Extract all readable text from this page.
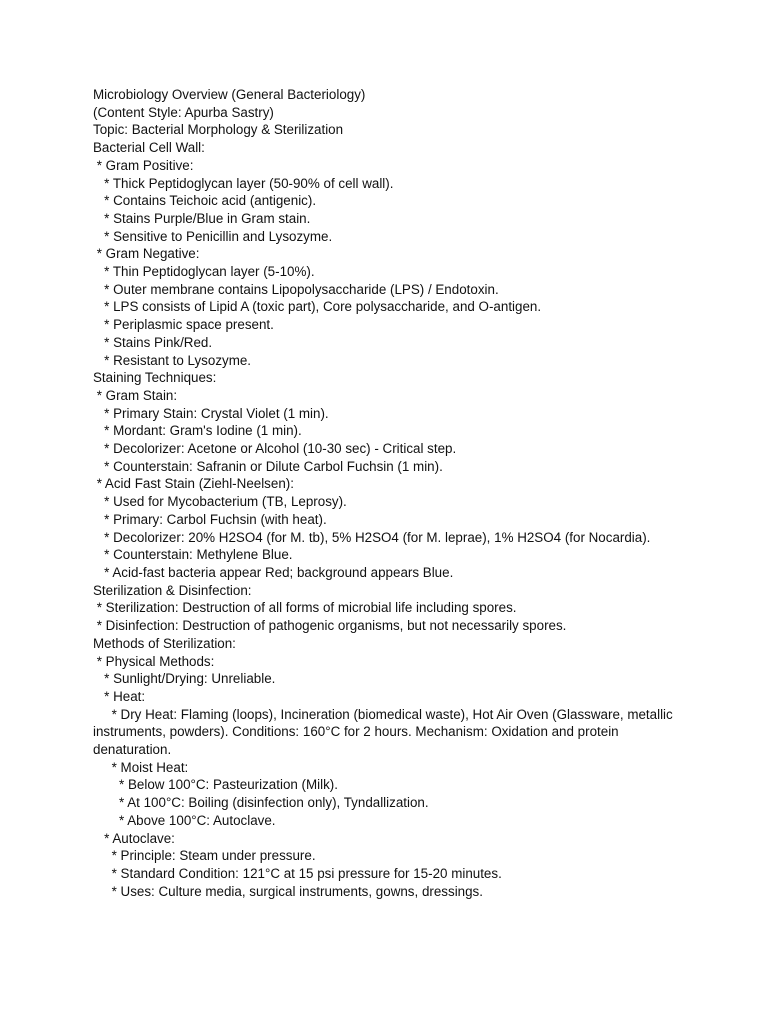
Microbiology Overview (General Bacteriology)

(Content Style: Apurba Sastry)

Topic: Bacterial Morphology & Sterilization

Bacterial Cell Wall:

* Gram Positive:

* Thick Peptidoglycan layer (50-90% of cell wall).

* Contains Teichoic acid (antigenic).

* Stains Purple/Blue in Gram stain.

* Sensitive to Penicillin and Lysozyme.

* Gram Negative:

* Thin Peptidoglycan layer (5-10%).

* Outer membrane contains Lipopolysaccharide (LPS) / Endotoxin.

* LPS consists of Lipid A (toxic part), Core polysaccharide, and O-antigen.

* Periplasmic space present.

* Stains Pink/Red.

* Resistant to Lysozyme.

Staining Techniques:

* Gram Stain:

* Primary Stain: Crystal Violet (1 min).

* Mordant: Gram's Iodine (1 min).

* Decolorizer: Acetone or Alcohol (10-30 sec) - Critical step.

* Counterstain: Safranin or Dilute Carbol Fuchsin (1 min).

* Acid Fast Stain (Ziehl-Neelsen):

* Used for Mycobacterium (TB, Leprosy).

* Primary: Carbol Fuchsin (with heat).

* Decolorizer: 20% H2SO4 (for M. tb), 5% H2SO4 (for M. leprae), 1% H2SO4 (for Nocardia).

* Counterstain: Methylene Blue.

* Acid-fast bacteria appear Red; background appears Blue.

Sterilization & Disinfection:

* Sterilization: Destruction of all forms of microbial life including spores.

* Disinfection: Destruction of pathogenic organisms, but not necessarily spores.

Methods of Sterilization:

* Physical Methods:

* Sunlight/Drying: Unreliable.

* Heat:

* Dry Heat: Flaming (loops), Incineration (biomedical waste), Hot Air Oven (Glassware, metallic instruments, powders). Conditions: 160°C for 2 hours. Mechanism: Oxidation and protein denaturation.

* Moist Heat:

* Below 100°C: Pasteurization (Milk).

* At 100°C: Boiling (disinfection only), Tyndallization.

* Above 100°C: Autoclave.

* Autoclave:

* Principle: Steam under pressure.

* Standard Condition: 121°C at 15 psi pressure for 15-20 minutes.

* Uses: Culture media, surgical instruments, gowns, dressings.
